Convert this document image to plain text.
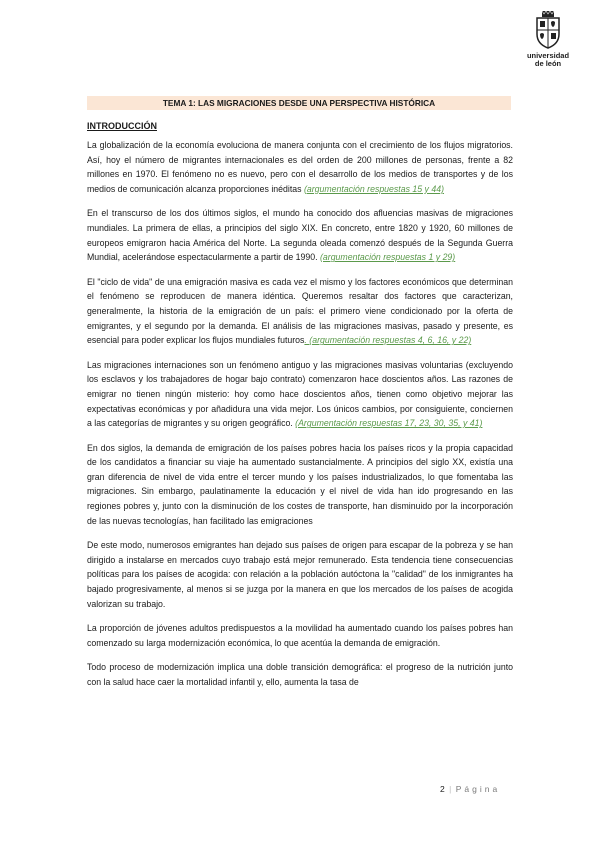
universidad
de león
TEMA 1: LAS MIGRACIONES DESDE UNA PERSPECTIVA HISTÓRICA
INTRODUCCIÓN

La globalización de la economía evoluciona de manera conjunta con el crecimiento de los flujos migratorios. Así, hoy el número de migrantes internacionales es del orden de 200 millones de personas, frente a 82 millones en 1970. El fenómeno no es nuevo, pero con el desarrollo de los medios de transportes y de los medios de comunicación alcanza proporciones inéditas (argumentación respuestas 15 y 44)

En el transcurso de los dos últimos siglos, el mundo ha conocido dos afluencias masivas de migraciones mundiales. La primera de ellas, a principios del siglo XIX. En concreto, entre 1820 y 1920, 60 millones de europeos emigraron hacia América del Norte. La segunda oleada comenzó después de la Segunda Guerra Mundial, acelerándose espectacularmente a partir de 1990. (argumentación respuestas 1 y 29)

El "ciclo de vida" de una emigración masiva es cada vez el mismo y los factores económicos que determinan el fenómeno se reproducen de manera idéntica. Queremos resaltar dos factores que caracterizan, generalmente, la historia de la emigración de un país: el primero viene condicionado por la oferta de emigrantes, y el segundo por la demanda. El análisis de las migraciones masivas, pasado y presente, es esencial para poder explicar los flujos mundiales futuros. (argumentación respuestas 4, 6, 16, y 22)

Las migraciones internaciones son un fenómeno antiguo y las migraciones masivas voluntarias (excluyendo los esclavos y los trabajadores de hogar bajo contrato) comenzaron hace doscientos años. Las razones de emigrar no tienen ningún misterio: hoy como hace doscientos años, tienen como objetivo mejorar las expectativas económicas y por añadidura una vida mejor. Los únicos cambios, por consiguiente, conciernen a las categorías de migrantes y su origen geográfico. (Argumentación respuestas 17, 23, 30, 35, y 41)

En dos siglos, la demanda de emigración de los países pobres hacia los países ricos y la propia capacidad de los candidatos a financiar su viaje ha aumentado sustancialmente. A principios del siglo XX, existía una gran diferencia de nivel de vida entre el tercer mundo y los países industrializados, lo que fomentaba las migraciones. Sin embargo, paulatinamente la educación y el nivel de vida han ido progresando en las regiones pobres y, junto con la disminución de los costes de transporte, han disminuido por la incorporación de las nuevas tecnologías, han facilitado las emigraciones

De este modo, numerosos emigrantes han dejado sus países de origen para escapar de la pobreza y se han dirigido a instalarse en mercados cuyo trabajo está mejor remunerado. Esta tendencia tiene consecuencias políticas para los países de acogida: con relación a la población autóctona la "calidad" de los inmigrantes ha bajado progresivamente, al menos si se juzga por la manera en que los mercados de los países de acogida valorizan su trabajo.

La proporción de jóvenes adultos predispuestos a la movilidad ha aumentado cuando los países pobres han comenzado su larga modernización económica, lo que acentúa la demanda de emigración.

Todo proceso de modernización implica una doble transición demográfica: el progreso de la nutrición junto con la salud hace caer la mortalidad infantil y, ello, aumenta la tasa de

2 | Página
